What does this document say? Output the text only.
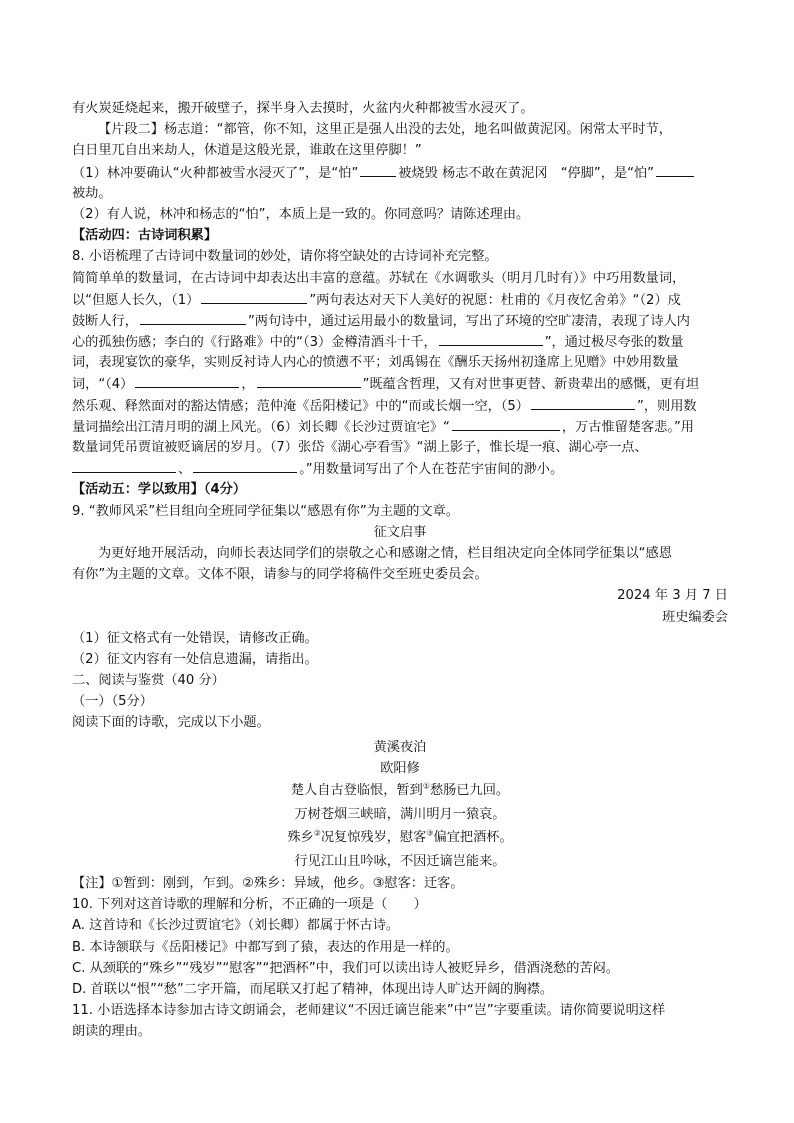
有火炭延烧起来，搬开破壁子，探半身入去摸时，火盆内火种都被雪水浸灭了。
【片段二】杨志道：“都管，你不知，这里正是强人出没的去处，地名叫做黄泥冈。闲常太平时节，
白日里兀自出来劫人，休道是这般光景，谁敢在这里停脚！”
（1）林冲要确认“火种都被雪水浸灭了”，是“怕”	被烧毁 杨志不敢在黄泥冈　“停脚”，是“怕”
被劫。
（2）有人说，林冲和杨志的“怕”，本质上是一致的。你同意吗？请陈述理由。
【活动四：古诗词积累】
8. 小语梳理了古诗词中数量词的妙处，请你将空缺处的古诗词补充完整。
简简单单的数量词，在古诗词中却表达出丰富的意蕴。苏轼在《水调歌头（明月几时有）》中巧用数量词，
以“但愿人长久，（1）	”两句表达对天下人美好的祝愿：杜甫的《月夜忆舍弟》“（2）戍
鼓断人行，	”两句诗中，通过运用最小的数量词，写出了环境的空旷凄清，表现了诗人内
心的孤独伤感；李白的《行路难》中的“（3）金樽清酒斗十千，	”，通过极尽夸张的数量
词，表现宴饮的豪华，实则反衬诗人内心的愤懑不平；刘禹锡在《酬乐天扬州初逢席上见赠》中妙用数量
词，“（4）	，	”既蕴含哲理，又有对世事更替、新贵辈出的感慨，更有坦
然乐观、释然面对的豁达情感；范仲淹《岳阳楼记》中的“而或长烟一空，（5）	”，则用数
量词描绘出江清月明的湖上风光。（6）刘长卿《长沙过贾谊宅》“	，万古惟留楚客悲。”用
数量词凭吊贾谊被贬谪居的岁月。（7）张岱《湖心亭看雪》“湖上影子，惟长堤一痕、湖心亭一点、
、	。”用数量词写出了个人在苍茫宇宙间的渺小。
【活动五：学以致用】（4分）
9. “教师风采”栏目组向全班同学征集以“感恩有你”为主题的文章。
征文启事
为更好地开展活动，向师长表达同学们的崇敬之心和感谢之情，栏目组决定向全体同学征集以“感恩
有你”为主题的文章。文体不限，请参与的同学将稿件交至班史委员会。
2024 年 3 月 7 日
班史编委会
（1）征文格式有一处错误，请修改正确。
（2）征文内容有一处信息遗漏，请指出。
二、阅读与鉴赏（40 分）
（一）（5分）
阅读下面的诗歌，完成以下小题。
黄溪夜泊
欧阳修
楚人自古登临恨，暂到①愁肠已九回。
万树苍烟三峡暗，满川明月一猿哀。
殊乡②况复惊残岁，慰客③偏宜把酒杯。
行见江山且吟咏，不因迁谪岂能来。
【注】①暂到：刚到，乍到。②殊乡：异域，他乡。③慰客：迁客。
10. 下列对这首诗歌的理解和分析，不正确的一项是（　　）
A. 这首诗和《长沙过贾谊宅》（刘长卿）都属于怀古诗。
B. 本诗颔联与《岳阳楼记》中都写到了猿，表达的作用是一样的。
C. 从颈联的“殊乡”“残岁”“慰客”“把酒杯”中，我们可以读出诗人被贬异乡，借酒浇愁的苦闷。
D. 首联以“恨”“愁”二字开篇，而尾联又打起了精神，体现出诗人旷达开阔的胸襟。
11. 小语选择本诗参加古诗文朗诵会，老师建议“不因迁谪岂能来”中“岂”字要重读。请你简要说明这样
朗读的理由。
